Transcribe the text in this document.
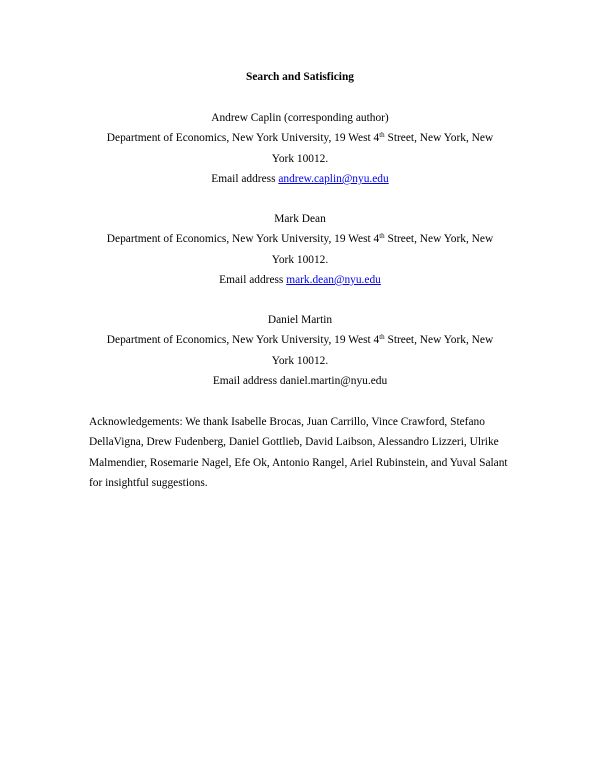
Search and Satisficing
Andrew Caplin (corresponding author)
Department of Economics, New York University, 19 West 4th Street, New York, New York 10012.
Email address andrew.caplin@nyu.edu
Mark Dean
Department of Economics, New York University, 19 West 4th Street, New York, New York 10012.
Email address mark.dean@nyu.edu
Daniel Martin
Department of Economics, New York University, 19 West 4th Street, New York, New York 10012.
Email address daniel.martin@nyu.edu
Acknowledgements: We thank Isabelle Brocas, Juan Carrillo, Vince Crawford, Stefano DellaVigna, Drew Fudenberg, Daniel Gottlieb, David Laibson, Alessandro Lizzeri, Ulrike Malmendier, Rosemarie Nagel, Efe Ok, Antonio Rangel, Ariel Rubinstein, and Yuval Salant for insightful suggestions.
